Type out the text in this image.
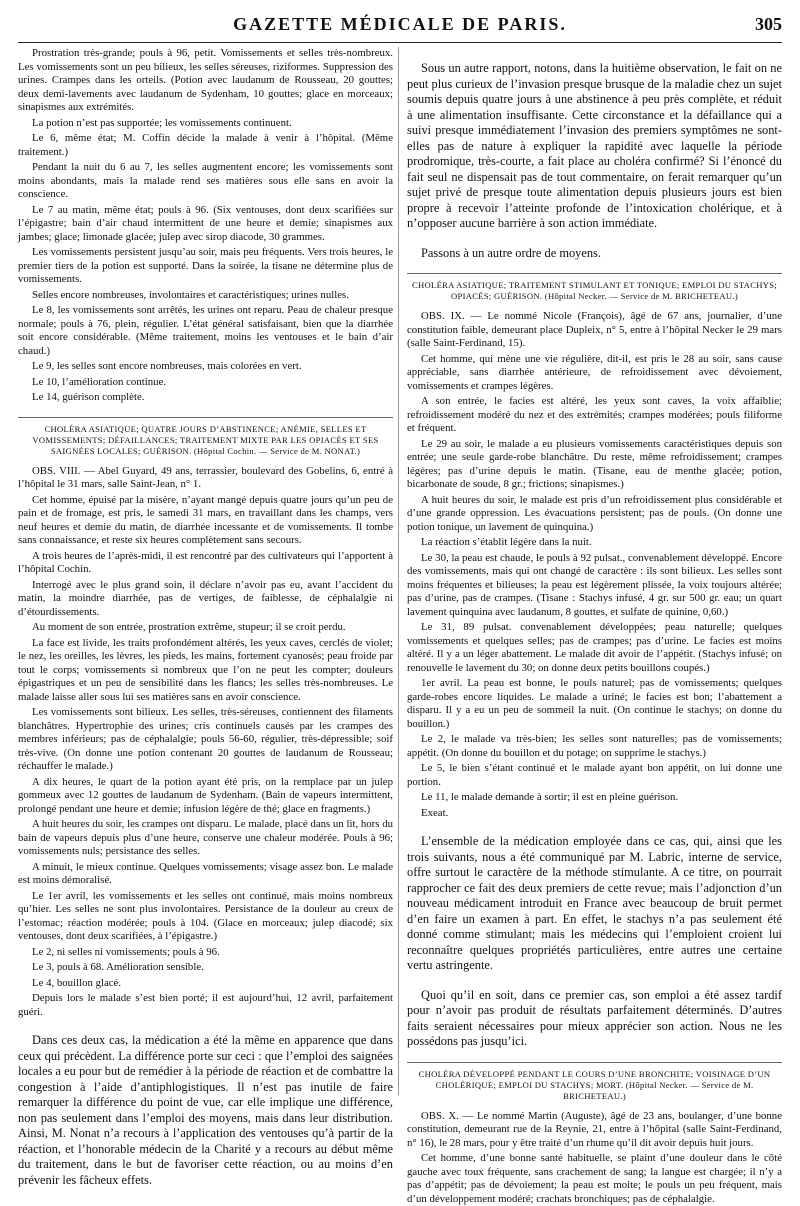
GAZETTE MÉDICALE DE PARIS.	305

Prostration très-grande; pouls à 96, petit. Vomissements et selles très-nombreux. Les vomissements sont un peu bilieux, les selles séreuses, riziformes. Suppression des urines. Crampes dans les orteils. (Potion avec laudanum de Rousseau, 20 gouttes; deux demi-lavements avec laudanum de Sydenham, 10 gouttes; glace en morceaux; sinapismes aux extrémités.

La potion n’est pas supportée; les vomissements continuent.

Le 6, même état; M. Coffin décide la malade à venir à l’hôpital. (Même traitement.)

Pendant la nuit du 6 au 7, les selles augmentent encore; les vomissements sont moins abondants, mais la malade rend ses matières sous elle sans en avoir la conscience.

Le 7 au matin, même état; pouls à 96. (Six ventouses, dont deux scarifiées sur l’épigastre; bain d’air chaud intermittent de une heure et demie; sinapismes aux jambes; glace; limonade glacée; julep avec sirop diacode, 30 grammes.

Les vomissements persistent jusqu’au soir, mais peu fréquents. Vers trois heures, le premier tiers de la potion est supporté. Dans la soirée, la tisane ne détermine plus de vomissements.

Selles encore nombreuses, involontaires et caractéristiques; urines nulles.

Le 8, les vomissements sont arrêtés, les urines ont reparu. Peau de chaleur presque normale; pouls à 76, plein, régulier. L’état général satisfaisant, bien que la diarrhée soit encore considérable. (Même traitement, moins les ventouses et le bain d’air chaud.)

Le 9, les selles sont encore nombreuses, mais colorées en vert.

Le 10, l’amélioration continue.

Le 14, guérison complète.

CHOLÉRA ASIATIQUE; QUATRE JOURS D’ABSTINENCE; ANÉMIE, SELLES ET VOMISSEMENTS; DÉFAILLANCES; TRAITEMENT MIXTE PAR LES OPIACÉS ET SES SAIGNÉES LOCALES; GUÉRISON. (Hôpital Cochin. — Service de M. NONAT.)

OBS. VIII. — Abel Guyard, 49 ans, terrassier, boulevard des Gobelins, 6, entré à l’hôpital le 31 mars, salle Saint-Jean, n° 1.

Cet homme, épuisé par la misère, n’ayant mangé depuis quatre jours qu’un peu de pain et de fromage, est pris, le samedi 31 mars, en travaillant dans les champs, vers neuf heures et demie du matin, de diarrhée incessante et de vomissements. Il tombe sans connaissance, et reste six heures complètement sans secours.

A trois heures de l’après-midi, il est rencontré par des cultivateurs qui l’apportent à l’hôpital Cochin.

Interrogé avec le plus grand soin, il déclare n’avoir pas eu, avant l’accident du matin, la moindre diarrhée, pas de vertiges, de faiblesse, de céphalalgie ni d’étourdissements.

Au moment de son entrée, prostration extrême, stupeur; il se croit perdu.

La face est livide, les traits profondément altérés, les yeux caves, cerclés de violet; le nez, les oreilles, les lèvres, les pieds, les mains, fortement cyanosés; peau froide par tout le corps; vomissements si nombreux que l’on ne peut les compter; douleurs épigastriques et un peu de sensibilité dans les flancs; les selles très-nombreuses. Le malade laisse aller sous lui ses matières sans en avoir conscience.

Les vomissements sont bilieux. Les selles, très-séreuses, contiennent des filaments blanchâtres. Hypertrophie des urines; cris continuels causés par les crampes des membres inférieurs; pas de céphalalgie; pouls 56-60, régulier, très-dépressible; soif très-vive. (On donne une potion contenant 20 gouttes de laudanum de Rousseau; réchauffer le malade.)

A dix heures, le quart de la potion ayant été pris, on la remplace par un julep gommeux avec 12 gouttes de laudanum de Sydenham. (Bain de vapeurs intermittent, prolongé pendant une heure et demie; infusion légère de thé; glace en fragments.)

A huit heures du soir, les crampes ont disparu. Le malade, placé dans un lit, hors du bain de vapeurs depuis plus d’une heure, conserve une chaleur modérée. Pouls à 96; vomissements nuls; persistance des selles.

A minuit, le mieux continue. Quelques vomissements; visage assez bon. Le malade est moins démoralisé.

Le 1er avril, les vomissements et les selles ont continué, mais moins nombreux qu’hier. Les selles ne sont plus involontaires. Persistance de la douleur au creux de l’estomac; réaction modérée; pouls à 104. (Glace en morceaux; julep diacodé; six ventouses, dont deux scarifiées, à l’épigastre.)

Le 2, ni selles ni vomissements; pouls à 96.

Le 3, pouls à 68. Amélioration sensible.

Le 4, bouillon glacé.

Depuis lors le malade s’est bien porté; il est aujourd’hui, 12 avril, parfaitement guéri.

Dans ces deux cas, la médication a été la même en apparence que dans ceux qui précèdent. La différence porte sur ceci : que l’emploi des saignées locales a eu pour but de remédier à la période de réaction et de combattre la congestion à l’aide d’antiphlogistiques. Il n’est pas inutile de faire remarquer la différence du point de vue, car elle implique une différence, non pas seulement dans l’emploi des moyens, mais dans leur distribution. Ainsi, M. Nonat n’a recours à l’application des ventouses qu’à partir de la réaction, et l’honorable médecin de la Charité y a recours au début même du traitement, dans le but de favoriser cette réaction, ou au moins d’en prévenir les fâcheux effets.

Sous un autre rapport, notons, dans la huitième observation, le fait on ne peut plus curieux de l’invasion presque brusque de la maladie chez un sujet soumis depuis quatre jours à une abstinence à peu près complète, et réduit à une alimentation insuffisante. Cette circonstance et la défaillance qui a suivi presque immédiatement l’invasion des premiers symptômes ne sont-elles pas de nature à expliquer la rapidité avec laquelle la période prodromique, très-courte, a fait place au choléra confirmé? Si l’énoncé du fait seul ne dispensait pas de tout commentaire, on ferait remarquer qu’un sujet privé de presque toute alimentation depuis plusieurs jours est bien propre à recevoir l’atteinte profonde de l’intoxication cholérique, et à n’opposer aucune barrière à son action immédiate.

Passons à un autre ordre de moyens.

CHOLÉRA ASIATIQUE; TRAITEMENT STIMULANT ET TONIQUE; EMPLOI DU STACHYS; OPIACÉS; GUÉRISON. (Hôpital Necker. — Service de M. BRICHETEAU.)

OBS. IX. — Le nommé Nicole (François), âgé de 67 ans, journalier, d’une constitution faible, demeurant place Dupleix, n° 5, entre à l’hôpital Necker le 29 mars (salle Saint-Ferdinand, 15).

Cet homme, qui mène une vie régulière, dit-il, est pris le 28 au soir, sans cause appréciable, sans diarrhée antérieure, de refroidissement avec dévoiement, vomissements et crampes légères.

A son entrée, le facies est altéré, les yeux sont caves, la voix affaiblie; refroidissement modéré du nez et des extrémités; crampes modérées; pouls filiforme et fréquent.

Le 29 au soir, le malade a eu plusieurs vomissements caractéristiques depuis son entrée; une seule garde-robe blanchâtre. Du reste, même refroidissement; crampes légères; pas d’urine depuis le matin. (Tisane, eau de menthe glacée; potion, bicarbonate de soude, 8 gr.; frictions; sinapismes.)

A huit heures du soir, le malade est pris d’un refroidissement plus considérable et d’une grande oppression. Les évacuations persistent; pas de pouls. (On donne une potion tonique, un lavement de quinquina.)

La réaction s’établit légère dans la nuit.

Le 30, la peau est chaude, le pouls à 92 pulsat., convenablement développé. Encore des vomissements, mais qui ont changé de caractère : ils sont bilieux. Les selles sont moins fréquentes et bilieuses; la peau est légèrement plissée, la voix toujours altérée; pas d’urine, pas de crampes. (Tisane : Stachys infusé, 4 gr. sur 500 gr. eau; un quart lavement quinquina avec laudanum, 8 gouttes, et sulfate de quinine, 0,60.)

Le 31, 89 pulsat. convenablement développées; peau naturelle; quelques vomissements et quelques selles; pas de crampes; pas d’urine. Le facies est moins altéré. Il y a un léger abattement. Le malade dit avoir de l’appétit. (Stachys infusé; on renouvelle le lavement du 30; on donne deux petits bouillons coupés.)

1er avril. La peau est bonne, le pouls naturel; pas de vomissements; quelques garde-robes encore liquides. Le malade a uriné; le facies est bon; l’abattement a disparu. Il y a eu un peu de sommeil la nuit. (On continue le stachys; on donne du bouillon.)

Le 2, le malade va très-bien; les selles sont naturelles; pas de vomissements; appétit. (On donne du bouillon et du potage; on supprime le stachys.)

Le 5, le bien s’étant continué et le malade ayant bon appétit, on lui donne une portion.

Le 11, le malade demande à sortir; il est en pleine guérison.

Exeat.

L’ensemble de la médication employée dans ce cas, qui, ainsi que les trois suivants, nous a été communiqué par M. Labric, interne de service, offre surtout le caractère de la méthode stimulante. A ce titre, on pourrait rapprocher ce fait des deux premiers de cette revue; mais l’adjonction d’un nouveau médicament introduit en France avec beaucoup de bruit permet d’en faire un examen à part. En effet, le stachys n’a pas seulement été donné comme stimulant; mais les médecins qui l’emploient croient lui reconnaître quelques propriétés particulières, entre autres une certaine vertu astringente.

Quoi qu’il en soit, dans ce premier cas, son emploi a été assez tardif pour n’avoir pas produit de résultats parfaitement déterminés. D’autres faits seraient nécessaires pour mieux apprécier son action. Nous ne les possédons pas jusqu’ici.

CHOLÉRA DÉVELOPPÉ PENDANT LE COURS D’UNE BRONCHITE; VOISINAGE D’UN CHOLÉRIQUE; EMPLOI DU STACHYS; MORT. (Hôpital Necker. — Service de M. BRICHETEAU.)

OBS. X. — Le nommé Martin (Auguste), âgé de 23 ans, boulanger, d’une bonne constitution, demeurant rue de la Reynie, 21, entre à l’hôpital (salle Saint-Ferdinand, n° 16), le 28 mars, pour y être traité d’un rhume qu’il dit avoir depuis huit jours.

Cet homme, d’une bonne santé habituelle, se plaint d’une douleur dans le côté gauche avec toux fréquente, sans crachement de sang; la langue est chargée; il n’y a pas d’appétit; pas de dévoiement; la peau est moite; le pouls un peu fréquent, mais d’un développement modéré; crachats bronchiques; pas de céphalalgie.
